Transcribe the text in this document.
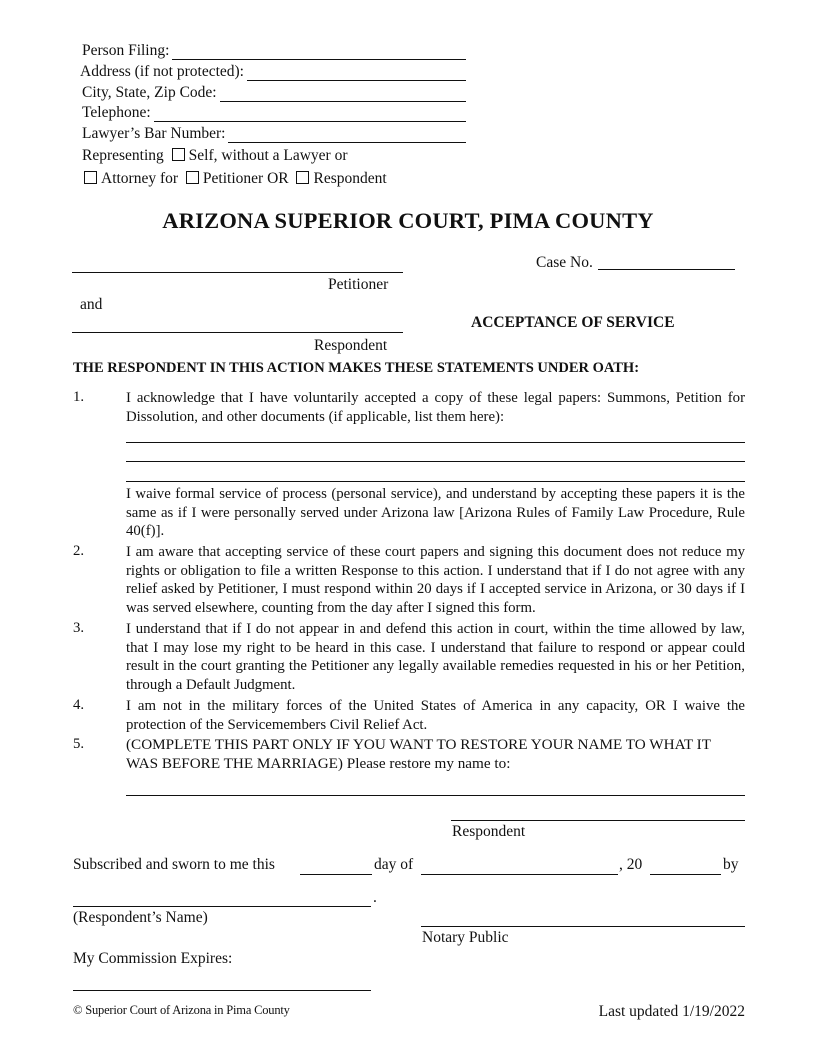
Person Filing:
Address (if not protected):
City, State, Zip Code:
Telephone:
Lawyer’s Bar Number:
Representing Self, without a Lawyer or
Attorney for Petitioner OR Respondent
ARIZONA SUPERIOR COURT, PIMA COUNTY
Case No.
Petitioner
and
ACCEPTANCE OF SERVICE
Respondent
THE RESPONDENT IN THIS ACTION MAKES THESE STATEMENTS UNDER OATH:
1.	I acknowledge that I have voluntarily accepted a copy of these legal papers: Summons, Petition for Dissolution, and other documents (if applicable, list them here):
I waive formal service of process (personal service), and understand by accepting these papers it is the same as if I were personally served under Arizona law [Arizona Rules of Family Law Procedure, Rule 40(f)].
2.	I am aware that accepting service of these court papers and signing this document does not reduce my rights or obligation to file a written Response to this action. I understand that if I do not agree with any relief asked by Petitioner, I must respond within 20 days if I accepted service in Arizona, or 30 days if I was served elsewhere, counting from the day after I signed this form.
3.	I understand that if I do not appear in and defend this action in court, within the time allowed by law, that I may lose my right to be heard in this case. I understand that failure to respond or appear could result in the court granting the Petitioner any legally available remedies requested in his or her Petition, through a Default Judgment.
4.	I am not in the military forces of the United States of America in any capacity, OR I waive the protection of the Servicemembers Civil Relief Act.
5.	(COMPLETE THIS PART ONLY IF YOU WANT TO RESTORE YOUR NAME TO WHAT IT WAS BEFORE THE MARRIAGE) Please restore my name to:
Respondent
Subscribed and sworn to me this	day of	, 20	by
.
(Respondent’s Name)
Notary Public
My Commission Expires:
© Superior Court of Arizona in Pima County	Last updated 1/19/2022
